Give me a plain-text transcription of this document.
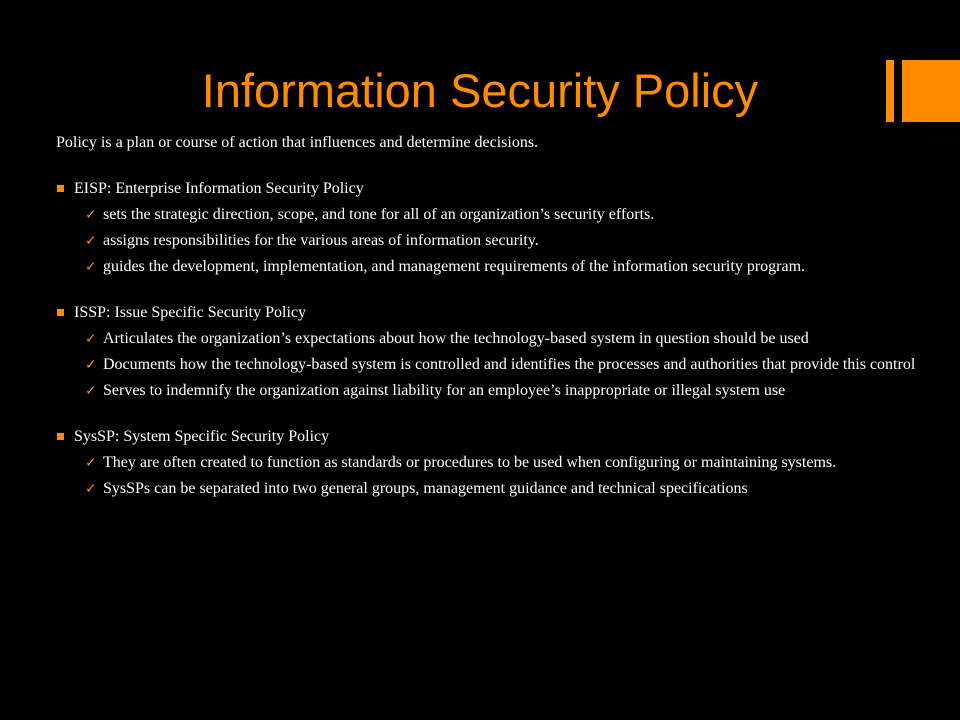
Information Security Policy

Policy is a plan or course of action that influences and determine decisions.

EISP: Enterprise Information Security Policy
✓ sets the strategic direction, scope, and tone for all of an organization’s security efforts.
✓ assigns responsibilities for the various areas of information security.
✓ guides the development, implementation, and management requirements of the information security program.
ISSP: Issue Specific Security Policy
✓ Articulates the organization’s expectations about how the technology-based system in question should be used
✓ Documents how the technology-based system is controlled and identifies the processes and authorities that provide this control
✓ Serves to indemnify the organization against liability for an employee’s inappropriate or illegal system use
SysSP: System Specific Security Policy
✓ They are often created to function as standards or procedures to be used when configuring or maintaining systems.
✓ SysSPs can be separated into two general groups, management guidance and technical specifications
